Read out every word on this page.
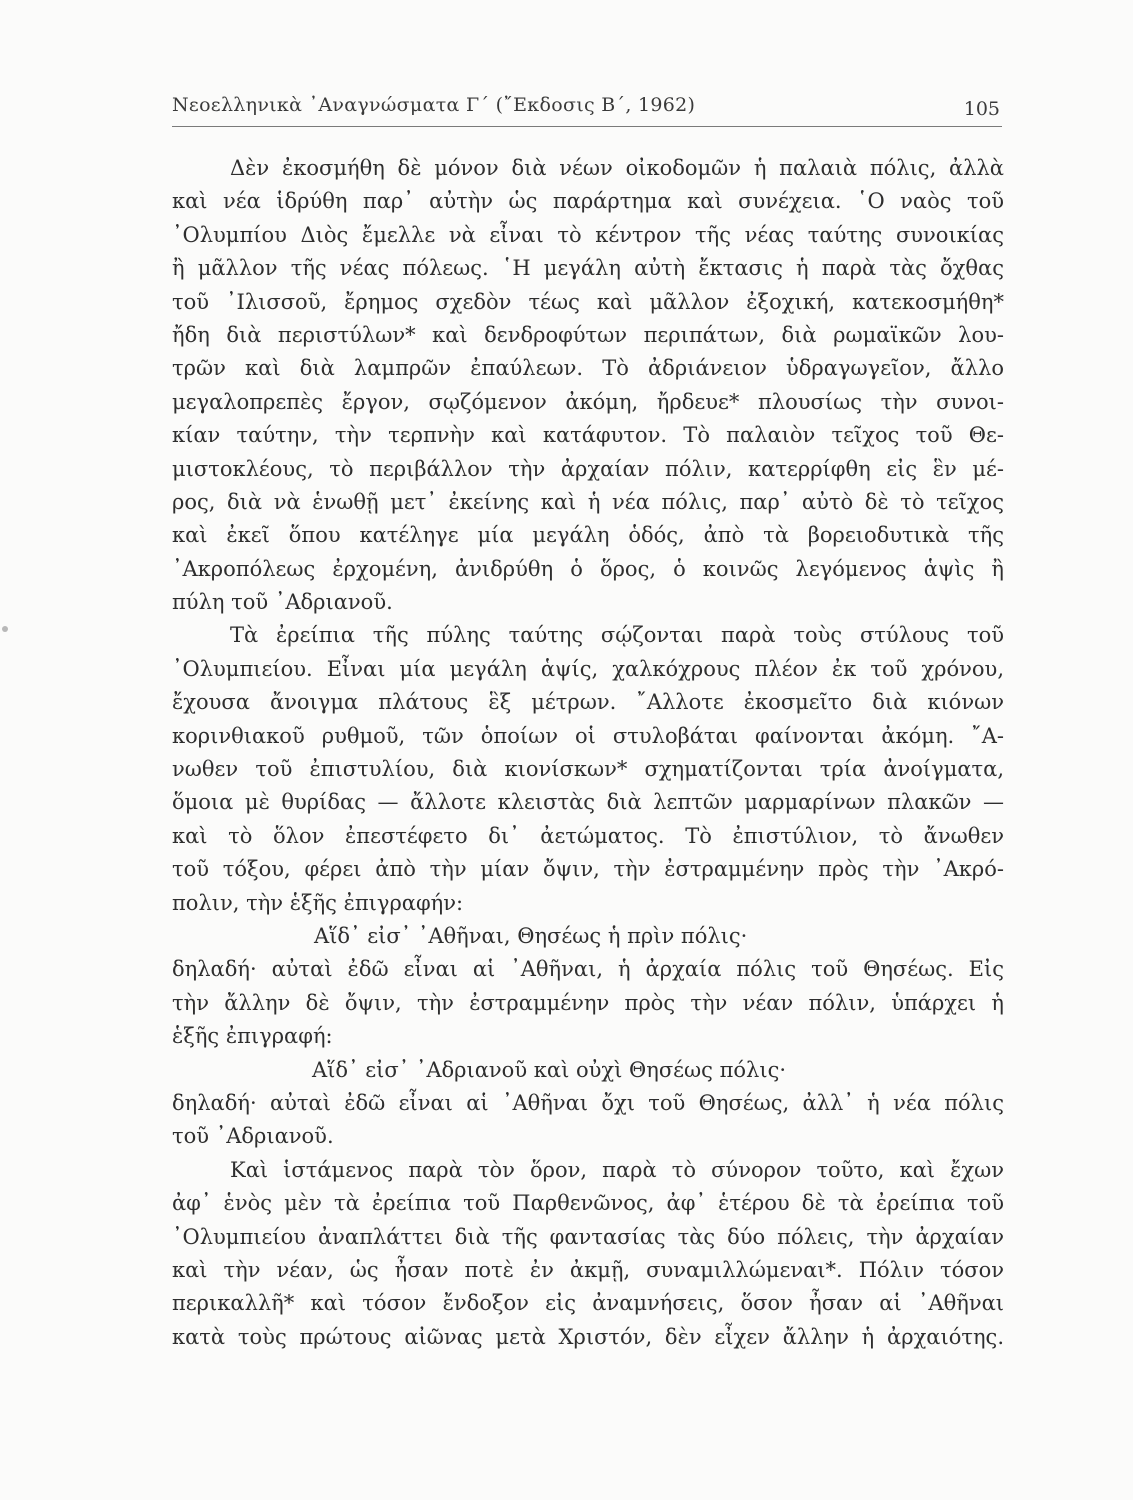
Νεοελληνικὰ ᾿Αναγνώσματα Γ΄ (῎Εκδοσις Β΄, 1962)	105
Δὲν ἐκοσμήθη δὲ μόνον διὰ νέων οἰκοδομῶν ἡ παλαιὰ πόλις, ἀλλὰ
καὶ νέα ἱδρύθη παρ᾿ αὐτὴν ὡς παράρτημα καὶ συνέχεια. ῾Ο ναὸς τοῦ
᾿Ολυμπίου Διὸς ἔμελλε νὰ εἶναι τὸ κέντρον τῆς νέας ταύτης συνοικίας
ἢ μᾶλλον τῆς νέας πόλεως. ῾Η μεγάλη αὐτὴ ἔκτασις ἡ παρὰ τὰς ὄχθας
τοῦ ᾿Ιλισσοῦ, ἔρημος σχεδὸν τέως καὶ μᾶλλον ἐξοχική, κατεκοσμήθη*
ἤδη διὰ περιστύλων* καὶ δενδροφύτων περιπάτων, διὰ ρωμαϊκῶν λου-
τρῶν καὶ διὰ λαμπρῶν ἐπαύλεων. Τὸ ἀδριάνειον ὑδραγωγεῖον, ἄλλο
μεγαλοπρεπὲς ἔργον, σῳζόμενον ἀκόμη, ἤρδευε* πλουσίως τὴν συνοι-
κίαν ταύτην, τὴν τερπνὴν καὶ κατάφυτον. Τὸ παλαιὸν τεῖχος τοῦ Θε-
μιστοκλέους, τὸ περιβάλλον τὴν ἀρχαίαν πόλιν, κατερρίφθη εἰς ἓν μέ-
ρος, διὰ νὰ ἑνωθῇ μετ᾿ ἐκείνης καὶ ἡ νέα πόλις, παρ᾿ αὐτὸ δὲ τὸ τεῖχος
καὶ ἐκεῖ ὅπου κατέληγε μία μεγάλη ὁδός, ἀπὸ τὰ βορειοδυτικὰ τῆς
᾿Ακροπόλεως ἐρχομένη, ἀνιδρύθη ὁ ὅρος, ὁ κοινῶς λεγόμενος ἁψὶς ἢ
πύλη τοῦ ᾿Αδριανοῦ.
Τὰ ἐρείπια τῆς πύλης ταύτης σῴζονται παρὰ τοὺς στύλους τοῦ
᾿Ολυμπιείου. Εἶναι μία μεγάλη ἁψίς, χαλκόχρους πλέον ἐκ τοῦ χρόνου,
ἔχουσα ἄνοιγμα πλάτους ἓξ μέτρων. ῎Αλλοτε ἐκοσμεῖτο διὰ κιόνων
κορινθιακοῦ ρυθμοῦ, τῶν ὁποίων οἱ στυλοβάται φαίνονται ἀκόμη. ῎Α-
νωθεν τοῦ ἐπιστυλίου, διὰ κιονίσκων* σχηματίζονται τρία ἀνοίγματα,
ὅμοια μὲ θυρίδας — ἄλλοτε κλειστὰς διὰ λεπτῶν μαρμαρίνων πλακῶν —
καὶ τὸ ὅλον ἐπεστέφετο δι᾿ ἀετώματος. Τὸ ἐπιστύλιον, τὸ ἄνωθεν
τοῦ τόξου, φέρει ἀπὸ τὴν μίαν ὄψιν, τὴν ἐστραμμένην πρὸς τὴν ᾿Ακρό-
πολιν, τὴν ἑξῆς ἐπιγραφήν:
Αἵδ᾿ εἰσ᾿ ᾿Αθῆναι, Θησέως ἡ πρὶν πόλις·
δηλαδή· αὐταὶ ἐδῶ εἶναι αἱ ᾿Αθῆναι, ἡ ἀρχαία πόλις τοῦ Θησέως. Εἰς
τὴν ἄλλην δὲ ὄψιν, τὴν ἐστραμμένην πρὸς τὴν νέαν πόλιν, ὑπάρχει ἡ
ἑξῆς ἐπιγραφή:
Αἵδ᾿ εἰσ᾿ ᾿Αδριανοῦ καὶ οὐχὶ Θησέως πόλις·
δηλαδή· αὐταὶ ἐδῶ εἶναι αἱ ᾿Αθῆναι ὄχι τοῦ Θησέως, ἀλλ᾿ ἡ νέα πόλις
τοῦ ᾿Αδριανοῦ.
Καὶ ἱστάμενος παρὰ τὸν ὅρον, παρὰ τὸ σύνορον τοῦτο, καὶ ἔχων
ἀφ᾿ ἑνὸς μὲν τὰ ἐρείπια τοῦ Παρθενῶνος, ἀφ᾿ ἑτέρου δὲ τὰ ἐρείπια τοῦ
᾿Ολυμπιείου ἀναπλάττει διὰ τῆς φαντασίας τὰς δύο πόλεις, τὴν ἀρχαίαν
καὶ τὴν νέαν, ὡς ἦσαν ποτὲ ἐν ἀκμῇ, συναμιλλώμεναι*. Πόλιν τόσον
περικαλλῆ* καὶ τόσον ἔνδοξον εἰς ἀναμνήσεις, ὅσον ἦσαν αἱ ᾿Αθῆναι
κατὰ τοὺς πρώτους αἰῶνας μετὰ Χριστόν, δὲν εἶχεν ἄλλην ἡ ἀρχαιότης.
